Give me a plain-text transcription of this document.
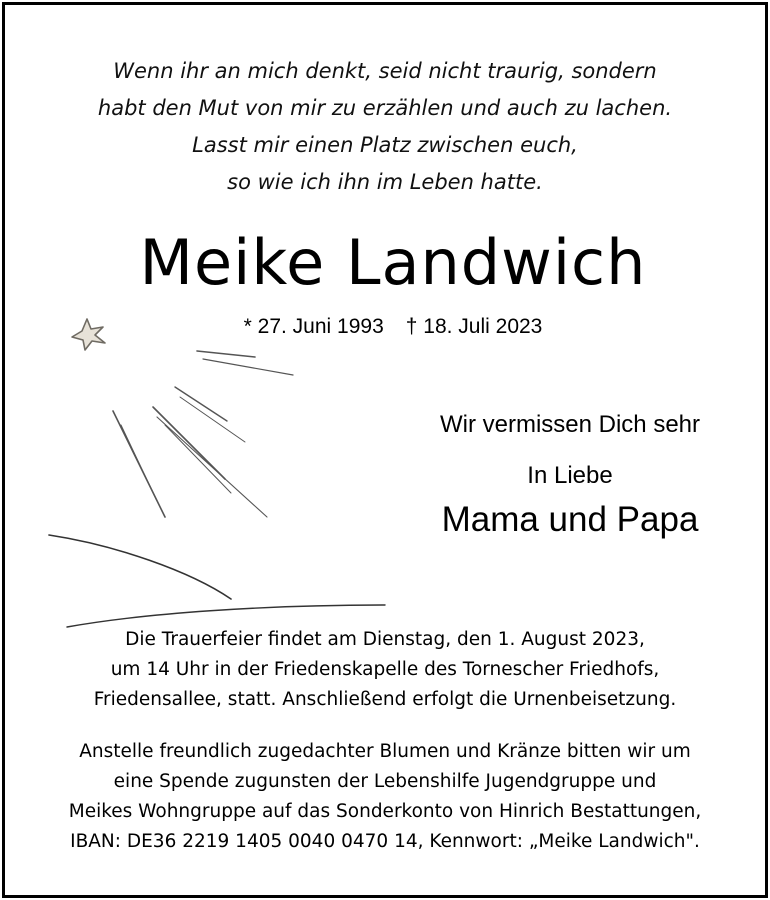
Wenn ihr an mich denkt, seid nicht traurig, sondern
habt den Mut von mir zu erzählen und auch zu lachen.
Lasst mir einen Platz zwischen euch,
so wie ich ihn im Leben hatte.
Meike Landwich
* 27. Juni 1993 † 18. Juli 2023
Wir vermissen Dich sehr
In Liebe
Mama und Papa
Die Trauerfeier findet am Dienstag, den 1. August 2023,
um 14 Uhr in der Friedenskapelle des Tornescher Friedhofs,
Friedensallee, statt. Anschließend erfolgt die Urnenbeisetzung.
Anstelle freundlich zugedachter Blumen und Kränze bitten wir um
eine Spende zugunsten der Lebenshilfe Jugendgruppe und
Meikes Wohngruppe auf das Sonderkonto von Hinrich Bestattungen,
IBAN: DE36 2219 1405 0040 0470 14, Kennwort: „Meike Landwich".
